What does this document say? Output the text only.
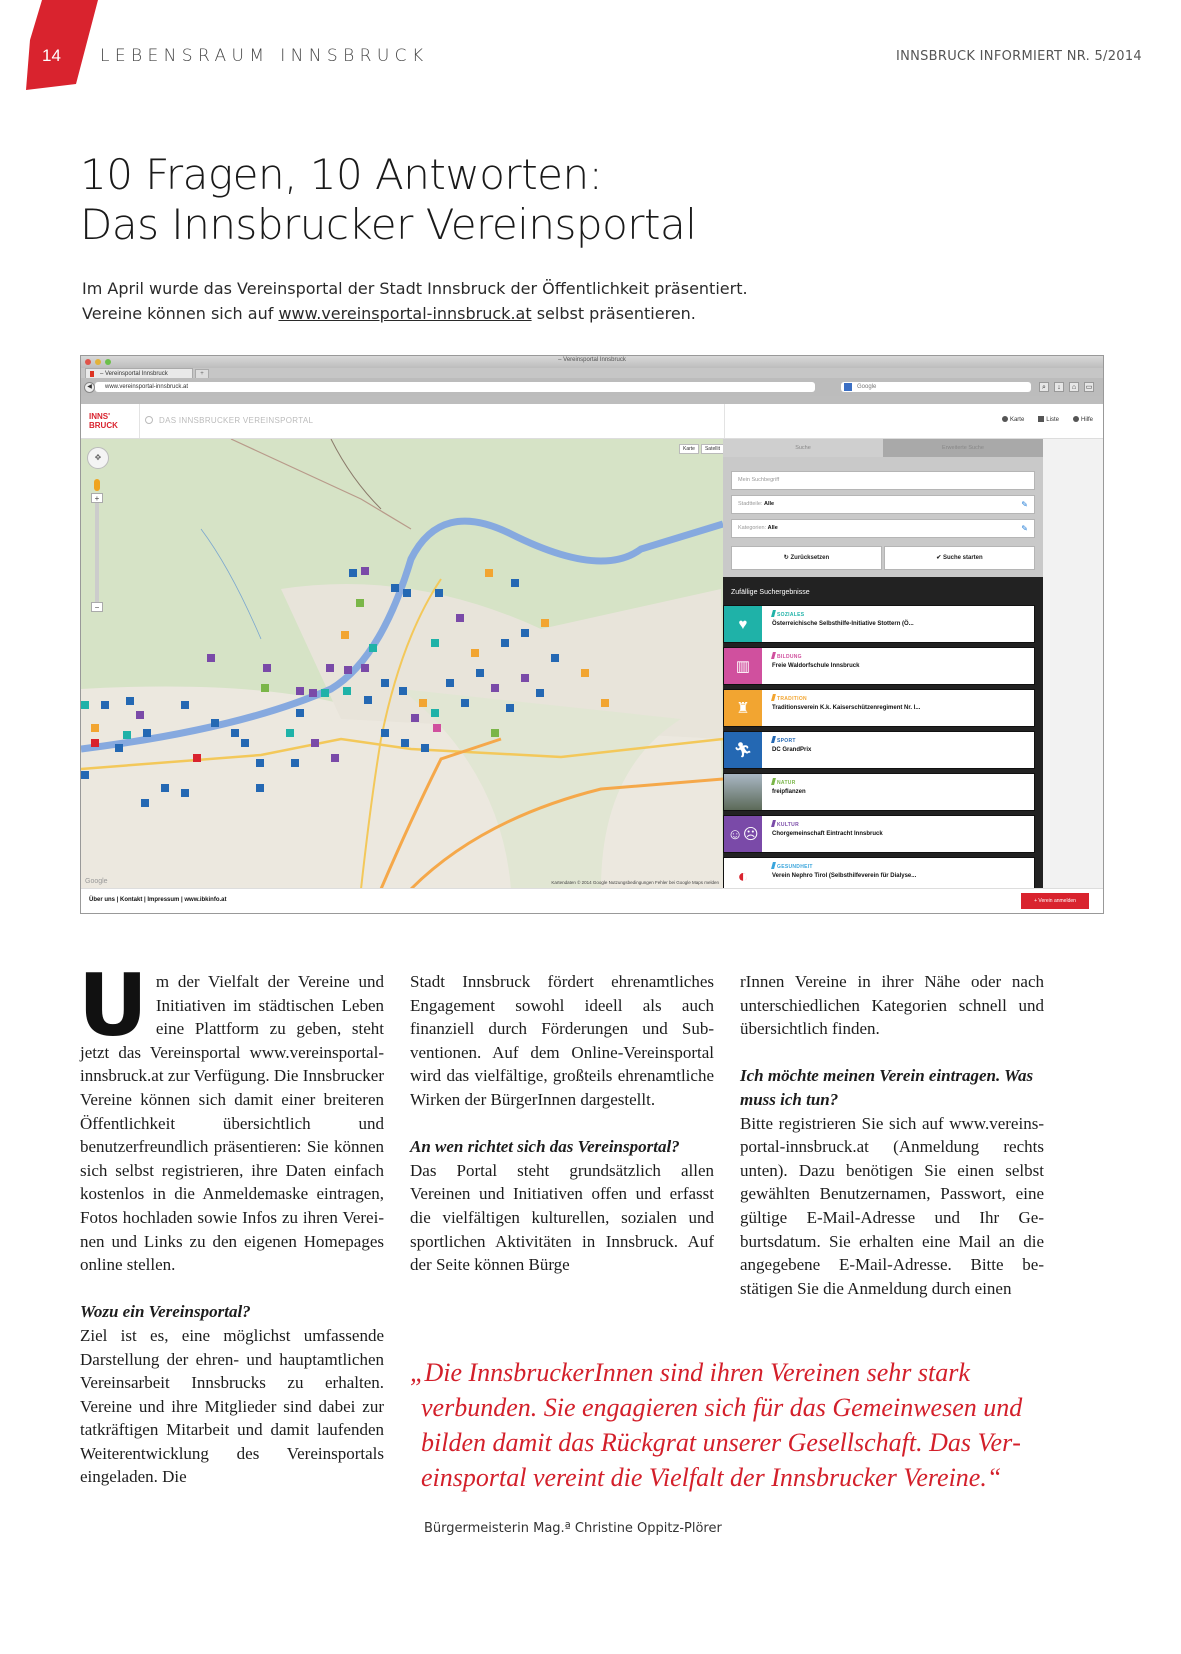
14 LEBENSRAUM INNSBRUCK	INNSBRUCK INFORMIERT NR. 5/2014
10 Fragen, 10 Antworten:
Das Innsbrucker Vereinsportal
Im April wurde das Vereinsportal der Stadt Innsbruck der Öffentlichkeit präsentiert.
Vereine können sich auf www.vereinsportal-innsbruck.at selbst präsentieren.
– Vereinsportal Innsbruck
– Vereinsportal Innsbruck	+
◀	www.vereinsportal-innsbruck.at	Google	⌕	↓	⌂	▭
INNS'
BRUCK
DAS INNSBRUCKER VEREINSPORTAL	Karte	Liste	Hilfe
✥
+
−
Karte	Satellit
Google	Kartendaten © 2014 Google Nutzungsbedingungen Fehler bei Google Maps melden
Suche	Erweiterte Suche
Mein Suchbegriff
Stadtteile: Alle	✎
Kategorien: Alle	✎
↻ Zurücksetzen	✔ Suche starten
Zufällige Suchergebnisse
♥
SOZIALES
Österreichische Selbsthilfe-Initiative Stottern (Ö...
▥
BILDUNG
Freie Waldorfschule Innsbruck
♜
TRADITION
Traditionsverein K.k. Kaiserschützenregiment Nr. I...
🏃︎
SPORT
DC GrandPrix
NATUR
freipflanzen
☺☹
KULTUR
Chorgemeinschaft Eintracht Innsbruck
◐	GESUNDHEIT
Verein Nephro Tirol (Selbsthilfeverein für Dialyse...
Über uns | Kontakt | Impressum | www.ibkinfo.at	+ Verein anmelden

Um der Vielfalt der Vereine und Initiativen im städtischen Leben eine Plattform zu geben, steht jetzt das Vereinsportal www.vereinsportal-innsbruck.at zur Verfügung. Die Innsbrucker Vereine können sich damit einer breiteren Öffentlichkeit übersichtlich und benutzerfreundlich präsentieren: Sie können sich selbst registrieren, ihre Daten einfach kostenlos in die Anmeldemaske eintragen, Fotos hochladen sowie Infos zu ihren Vereinen und Links zu den eigenen Homepages online stellen.

Wozu ein Vereinsportal?

Ziel ist es, eine möglichst umfassende Darstellung der ehren- und hauptamtlichen Vereinsarbeit Innsbrucks zu erhalten. Vereine und ihre Mitglieder sind dabei zur tatkräftigen Mitarbeit und damit laufenden Weiterentwicklung des Vereinsportals eingeladen. Die

Stadt Innsbruck fördert ehrenamtliches Engagement sowohl ideell als auch finanziell durch Förderungen und Subventionen. Auf dem Online-Vereinsportal wird das vielfältige, großteils ehrenamtliche Wirken der BürgerInnen dargestellt.

An wen richtet sich das Vereinsportal?

Das Portal steht grundsätzlich allen Vereinen und Initiativen offen und erfasst die vielfältigen kulturellen, sozialen und sportlichen Aktivitäten in Innsbruck. Auf der Seite können Bürge

rInnen Vereine in ihrer Nähe oder nach unterschiedlichen Kategorien schnell und übersichtlich finden.

Ich möchte meinen Verein eintragen. Was muss ich tun?

Bitte registrieren Sie sich auf www.vereinsportal-innsbruck.at (Anmeldung rechts unten). Dazu benötigen Sie einen selbst gewählten Benutzernamen, Passwort, eine gültige E-Mail-Adresse und Ihr Geburtsdatum. Sie erhalten eine Mail an die angegebene E-Mail-Adresse. Bitte bestätigen Sie die Anmeldung durch einen

„Die InnsbruckerInnen sind ihren Vereinen sehr stark verbunden. Sie engagieren sich für das Gemeinwesen und bilden damit das Rückgrat unserer Gesellschaft. Das Vereinsportal vereint die Vielfalt der Innsbrucker Vereine.“
Bürgermeisterin Mag.ª Christine Oppitz-Plörer
